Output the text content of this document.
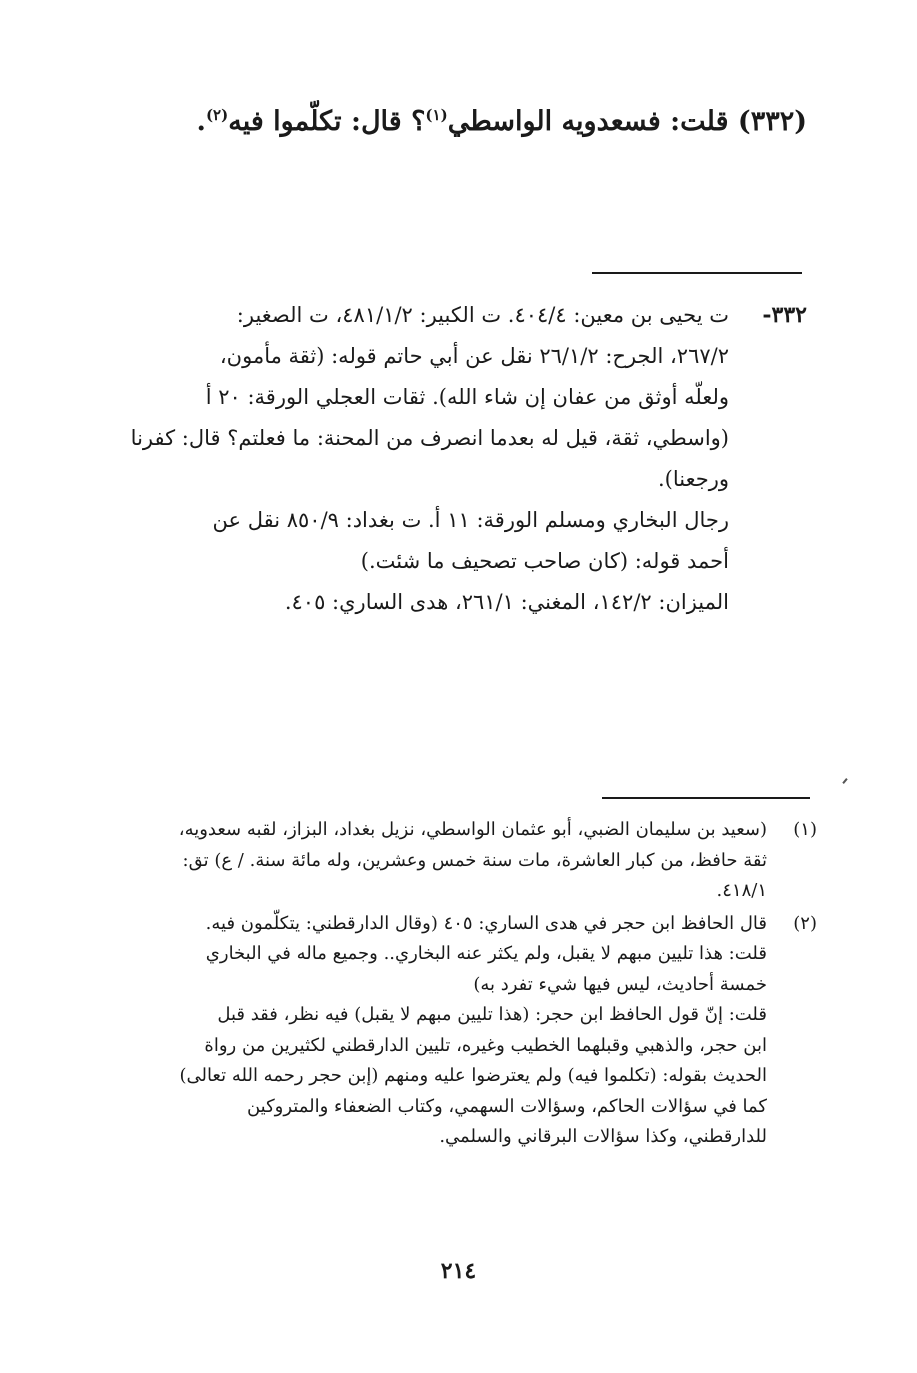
(٣٣٢) قلت: فسعدويه الواسطي$^{(١)}$؟ قال: تكلّموا فيه$^{(٢)}$.
٣٣٢-

ت يحيى بن معين: ٤٠٤/٤. ت الكبير: ٤٨١/١/٢، ت الصغير:
٢٦٧/٢، الجرح: ٢٦/١/٢ نقل عن أبي حاتم قوله: (ثقة مأمون،
ولعلّه أوثق من عفان إن شاء الله). ثقات العجلي الورقة: ٢٠ أ
(واسطي، ثقة، قيل له بعدما انصرف من المحنة: ما فعلتم؟ قال: كفرنا
ورجعنا).

رجال البخاري ومسلم الورقة: ١١ أ. ت بغداد: ٨٥٠/٩ نقل عن
أحمد قوله: (كان صاحب تصحيف ما شئت.)

الميزان: ١٤٢/٢، المغني: ٢٦١/١، هدى الساري: ٤٠٥.

(١)
(سعيد بن سليمان الضبي، أبو عثمان الواسطي، نزيل بغداد، البزاز، لقبه سعدويه،
ثقة حافظ، من كبار العاشرة، مات سنة خمس وعشرين، وله مائة سنة. / ع) تق:
٤١٨/١.
(٢)
قال الحافظ ابن حجر في هدى الساري: ٤٠٥ (وقال الدارقطني: يتكلّمون فيه.
قلت: هذا تليين مبهم لا يقبل، ولم يكثر عنه البخاري.. وجميع ماله في البخاري
خمسة أحاديث، ليس فيها شيء تفرد به)
قلت: إنّ قول الحافظ ابن حجر: (هذا تليين مبهم لا يقبل) فيه نظر، فقد قبل
ابن حجر، والذهبي وقبلهما الخطيب وغيره، تليين الدارقطني لكثيرين من رواة
الحديث بقوله: (تكلموا فيه) ولم يعترضوا عليه ومنهم (إبن حجر رحمه الله تعالى)
كما في سؤالات الحاكم، وسؤالات السهمي، وكتاب الضعفاء والمتروكين
للدارقطني، وكذا سؤالات البرقاني والسلمي.
٢١٤
